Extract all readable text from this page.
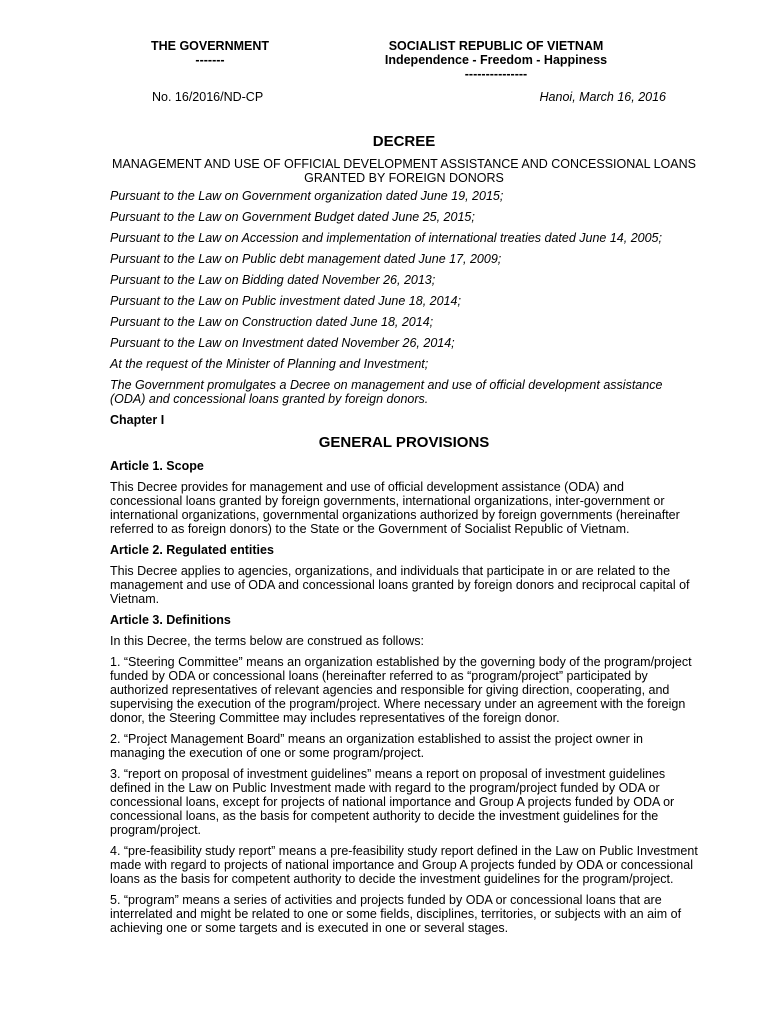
THE GOVERNMENT
-------
SOCIALIST REPUBLIC OF VIETNAM
Independence - Freedom - Happiness
---------------
No. 16/2016/ND-CP	Hanoi, March 16, 2016
DECREE
MANAGEMENT AND USE OF OFFICIAL DEVELOPMENT ASSISTANCE AND CONCESSIONAL LOANS GRANTED BY FOREIGN DONORS

Pursuant to the Law on Government organization dated June 19, 2015;

Pursuant to the Law on Government Budget dated June 25, 2015;

Pursuant to the Law on Accession and implementation of international treaties dated June 14, 2005;

Pursuant to the Law on Public debt management dated June 17, 2009;

Pursuant to the Law on Bidding dated November 26, 2013;

Pursuant to the Law on Public investment dated June 18, 2014;

Pursuant to the Law on Construction dated June 18, 2014;

Pursuant to the Law on Investment dated November 26, 2014;

At the request of the Minister of Planning and Investment;

The Government promulgates a Decree on management and use of official development assistance (ODA) and concessional loans granted by foreign donors.

Chapter I

GENERAL PROVISIONS

Article 1. Scope

This Decree provides for management and use of official development assistance (ODA) and concessional loans granted by foreign governments, international organizations, inter-government or international organizations, governmental organizations authorized by foreign governments (hereinafter referred to as foreign donors) to the State or the Government of Socialist Republic of Vietnam.

Article 2. Regulated entities

This Decree applies to agencies, organizations, and individuals that participate in or are related to the management and use of ODA and concessional loans granted by foreign donors and reciprocal capital of Vietnam.

Article 3. Definitions

In this Decree, the terms below are construed as follows:

1. “Steering Committee” means an organization established by the governing body of the program/project funded by ODA or concessional loans (hereinafter referred to as “program/project” participated by authorized representatives of relevant agencies and responsible for giving direction, cooperating, and supervising the execution of the program/project. Where necessary under an agreement with the foreign donor, the Steering Committee may includes representatives of the foreign donor.

2. “Project Management Board” means an organization established to assist the project owner in managing the execution of one or some program/project.

3. “report on proposal of investment guidelines” means a report on proposal of investment guidelines defined in the Law on Public Investment made with regard to the program/project funded by ODA or concessional loans, except for projects of national importance and Group A projects funded by ODA or concessional loans, as the basis for competent authority to decide the investment guidelines for the program/project.

4. “pre-feasibility study report” means a pre-feasibility study report defined in the Law on Public Investment made with regard to projects of national importance and Group A projects funded by ODA or concessional loans as the basis for competent authority to decide the investment guidelines for the program/project.

5. “program” means a series of activities and projects funded by ODA or concessional loans that are interrelated and might be related to one or some fields, disciplines, territories, or subjects with an aim of achieving one or some targets and is executed in one or several stages.
